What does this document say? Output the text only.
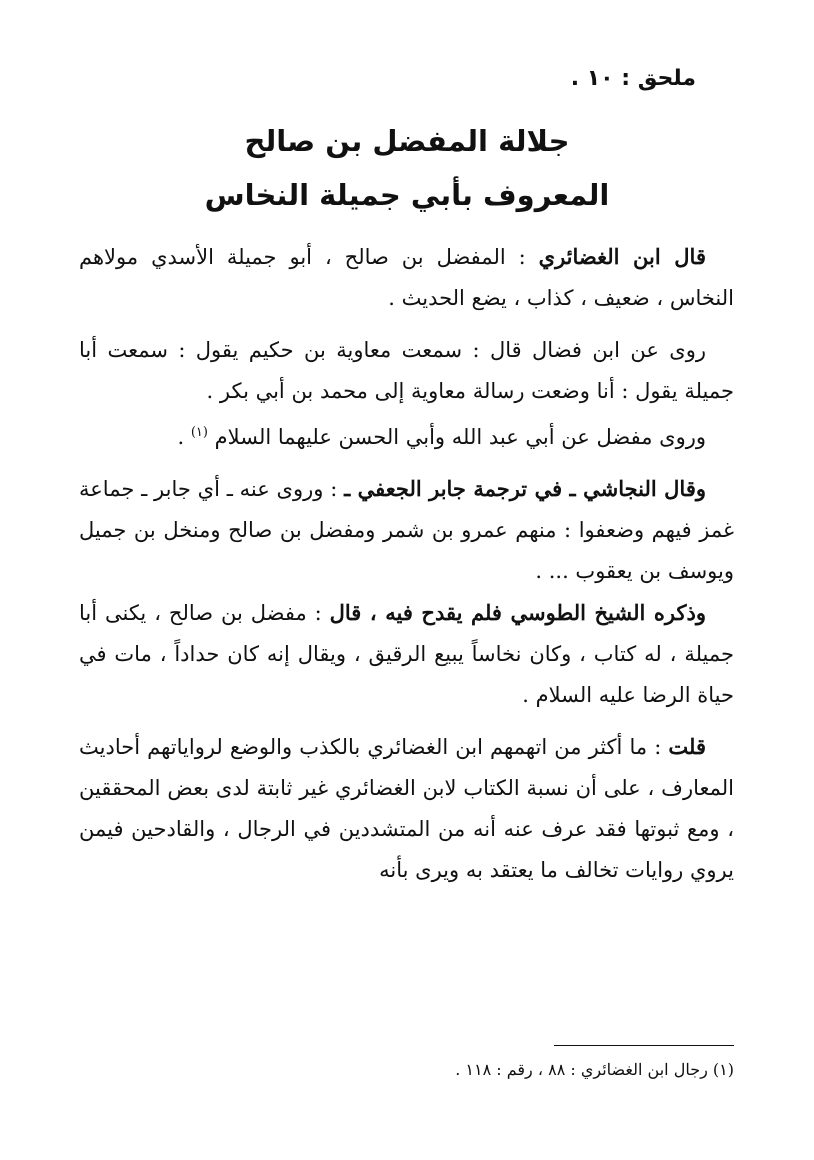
ملحق : ١٠ .
جلالة المفضل بن صالح
المعروف بأبي جميلة النخاس

قال ابن الغضائري : المفضل بن صالح ، أبو جميلة الأسدي مولاهم النخاس ، ضعيف ، كذاب ، يضع الحديث .

روى عن ابن فضال قال : سمعت معاوية بن حكيم يقول : سمعت أبا جميلة يقول : أنا وضعت رسالة معاوية إلى محمد بن أبي بكر .

وروى مفضل عن أبي عبد الله وأبي الحسن عليهما السلام $^{(١)}$ .

وقال النجاشي ـ في ترجمة جابر الجعفي ـ : وروى عنه ـ أي جابر ـ جماعة غمز فيهم وضعفوا : منهم عمرو بن شمر ومفضل بن صالح ومنخل بن جميل ويوسف بن يعقوب ... .

وذكره الشيخ الطوسي فلم يقدح فيه ، قال : مفضل بن صالح ، يكنى أبا جميلة ، له كتاب ، وكان نخاساً يبيع الرقيق ، ويقال إنه كان حداداً ، مات في حياة الرضا عليه السلام .

قلت : ما أكثر من اتهمهم ابن الغضائري بالكذب والوضع لرواياتهم أحاديث المعارف ، على أن نسبة الكتاب لابن الغضائري غير ثابتة لدى بعض المحققين ، ومع ثبوتها فقد عرف عنه أنه من المتشددين في الرجال ، والقادحين فيمن يروي روايات تخالف ما يعتقد به ويرى بأنه

(١) رجال ابن الغضائري : ٨٨ ، رقم : ١١٨ .
